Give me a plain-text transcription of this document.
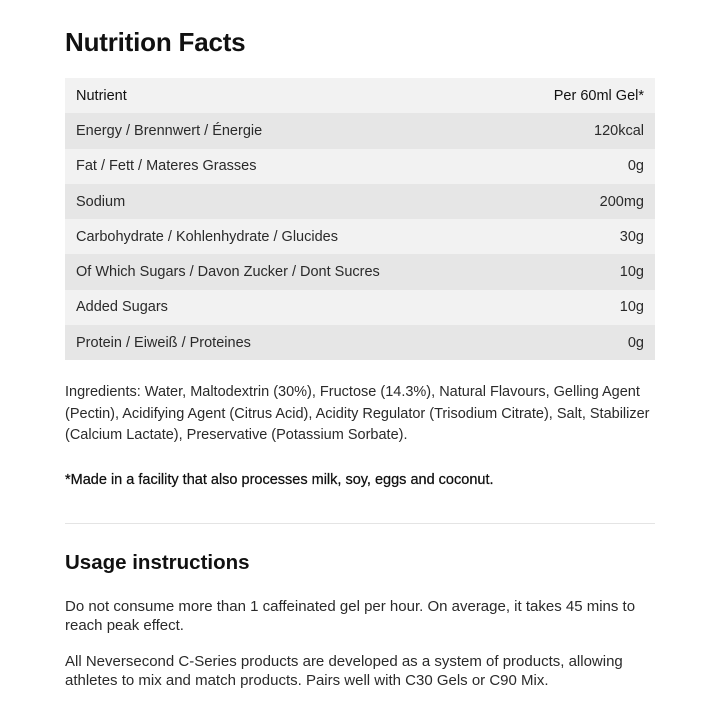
Nutrition Facts
Nutrient	Per 60ml Gel*
Energy / Brennwert / Énergie	120kcal
Fat / Fett / Materes Grasses	0g
Sodium	200mg
Carbohydrate / Kohlenhydrate / Glucides	30g
Of Which Sugars / Davon Zucker / Dont Sucres	10g
Added Sugars	10g
Protein / Eiweiß / Proteines	0g

Ingredients: Water, Maltodextrin (30%), Fructose (14.3%), Natural Flavours, Gelling Agent (Pectin), Acidifying Agent (Citrus Acid), Acidity Regulator (Trisodium Citrate), Salt, Stabilizer (Calcium Lactate), Preservative (Potassium Sorbate).

*Made in a facility that also processes milk, soy, eggs and coconut.

Usage instructions

Do not consume more than 1 caffeinated gel per hour. On average, it takes 45 mins to reach peak effect.

All Neversecond C-Series products are developed as a system of products, allowing athletes to mix and match products. Pairs well with C30 Gels or C90 Mix.
